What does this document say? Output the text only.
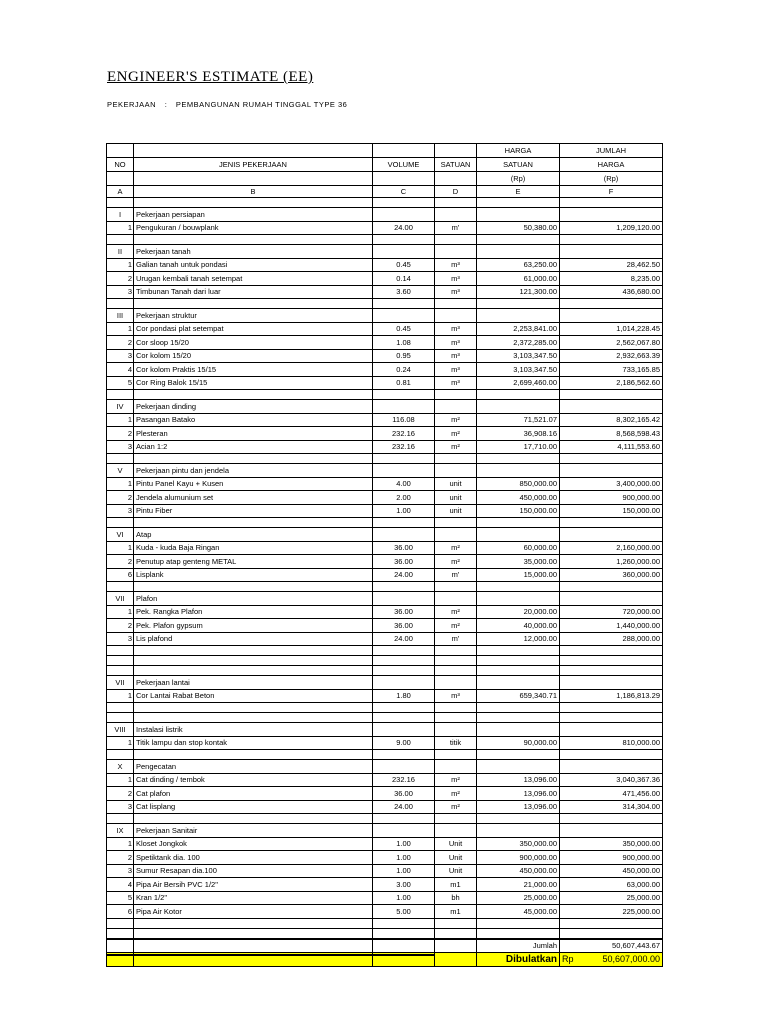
ENGINEER'S ESTIMATE (EE)
PEKERJAAN : PEMBANGUNAN RUMAH TINGGAL TYPE 36
				HARGA	JUMLAH
NO	JENIS PEKERJAAN	VOLUME	SATUAN	SATUAN	HARGA
				(Rp)	(Rp)
A	B	C	D	E	F

I	Pekerjaan persiapan				
1	Pengukuran / bouwplank	24.00	m'	50,380.00	1,209,120.00

II	Pekerjaan tanah				
1	Galian tanah untuk pondasi	0.45	m³	63,250.00	28,462.50
2	Urugan kembali tanah setempat	0.14	m³	61,000.00	8,235.00
3	Timbunan Tanah dari luar	3.60	m³	121,300.00	436,680.00

III	Pekerjaan struktur				
1	Cor pondasi plat setempat	0.45	m³	2,253,841.00	1,014,228.45
2	Cor sloop 15/20	1.08	m³	2,372,285.00	2,562,067.80
3	Cor kolom 15/20	0.95	m³	3,103,347.50	2,932,663.39
4	Cor kolom Praktis 15/15	0.24	m³	3,103,347.50	733,165.85
5	Cor Ring Balok 15/15	0.81	m³	2,699,460.00	2,186,562.60

IV	Pekerjaan dinding				
1	Pasangan Batako	116.08	m²	71,521.07	8,302,165.42
2	Plesteran	232.16	m²	36,908.16	8,568,598.43
3	Acian 1:2	232.16	m²	17,710.00	4,111,553.60

V	Pekerjaan pintu dan jendela				
1	Pintu Panel Kayu + Kusen	4.00	unit	850,000.00	3,400,000.00
2	Jendela alumunium set	2.00	unit	450,000.00	900,000.00
3	Pintu Fiber	1.00	unit	150,000.00	150,000.00

VI	Atap				
1	Kuda - kuda Baja Ringan	36.00	m²	60,000.00	2,160,000.00
2	Penutup atap genteng METAL	36.00	m²	35,000.00	1,260,000.00
6	Lisplank	24.00	m'	15,000.00	360,000.00

VII	Plafon				
1	Pek. Rangka Plafon	36.00	m²	20,000.00	720,000.00
2	Pek. Plafon gypsum	36.00	m²	40,000.00	1,440,000.00
3	Lis plafond	24.00	m'	12,000.00	288,000.00

VII	Pekerjaan lantai				
1	Cor Lantai Rabat Beton	1.80	m³	659,340.71	1,186,813.29

VIII	Instalasi listrik				
1	Titik lampu dan stop kontak	9.00	titik	90,000.00	810,000.00

X	Pengecatan				
1	Cat dinding / tembok	232.16	m²	13,096.00	3,040,367.36
2	Cat plafon	36.00	m²	13,096.00	471,456.00
3	Cat lisplang	24.00	m²	13,096.00	314,304.00

IX	Pekerjaan Sanitair				
1	Kloset Jongkok	1.00	Unit	350,000.00	350,000.00
2	Spetiktank dia. 100	1.00	Unit	900,000.00	900,000.00
3	Sumur Resapan dia.100	1.00	Unit	450,000.00	450,000.00
4	Pipa Air Bersih PVC 1/2"	3.00	m1	21,000.00	63,000.00
5	Kran 1/2"	1.00	bh	25,000.00	25,000.00
6	Pipa Air Kotor	5.00	m1	45,000.00	225,000.00

				Jumlah	50,607,443.67
				Dibulatkan	Rp 50,607,000.00
